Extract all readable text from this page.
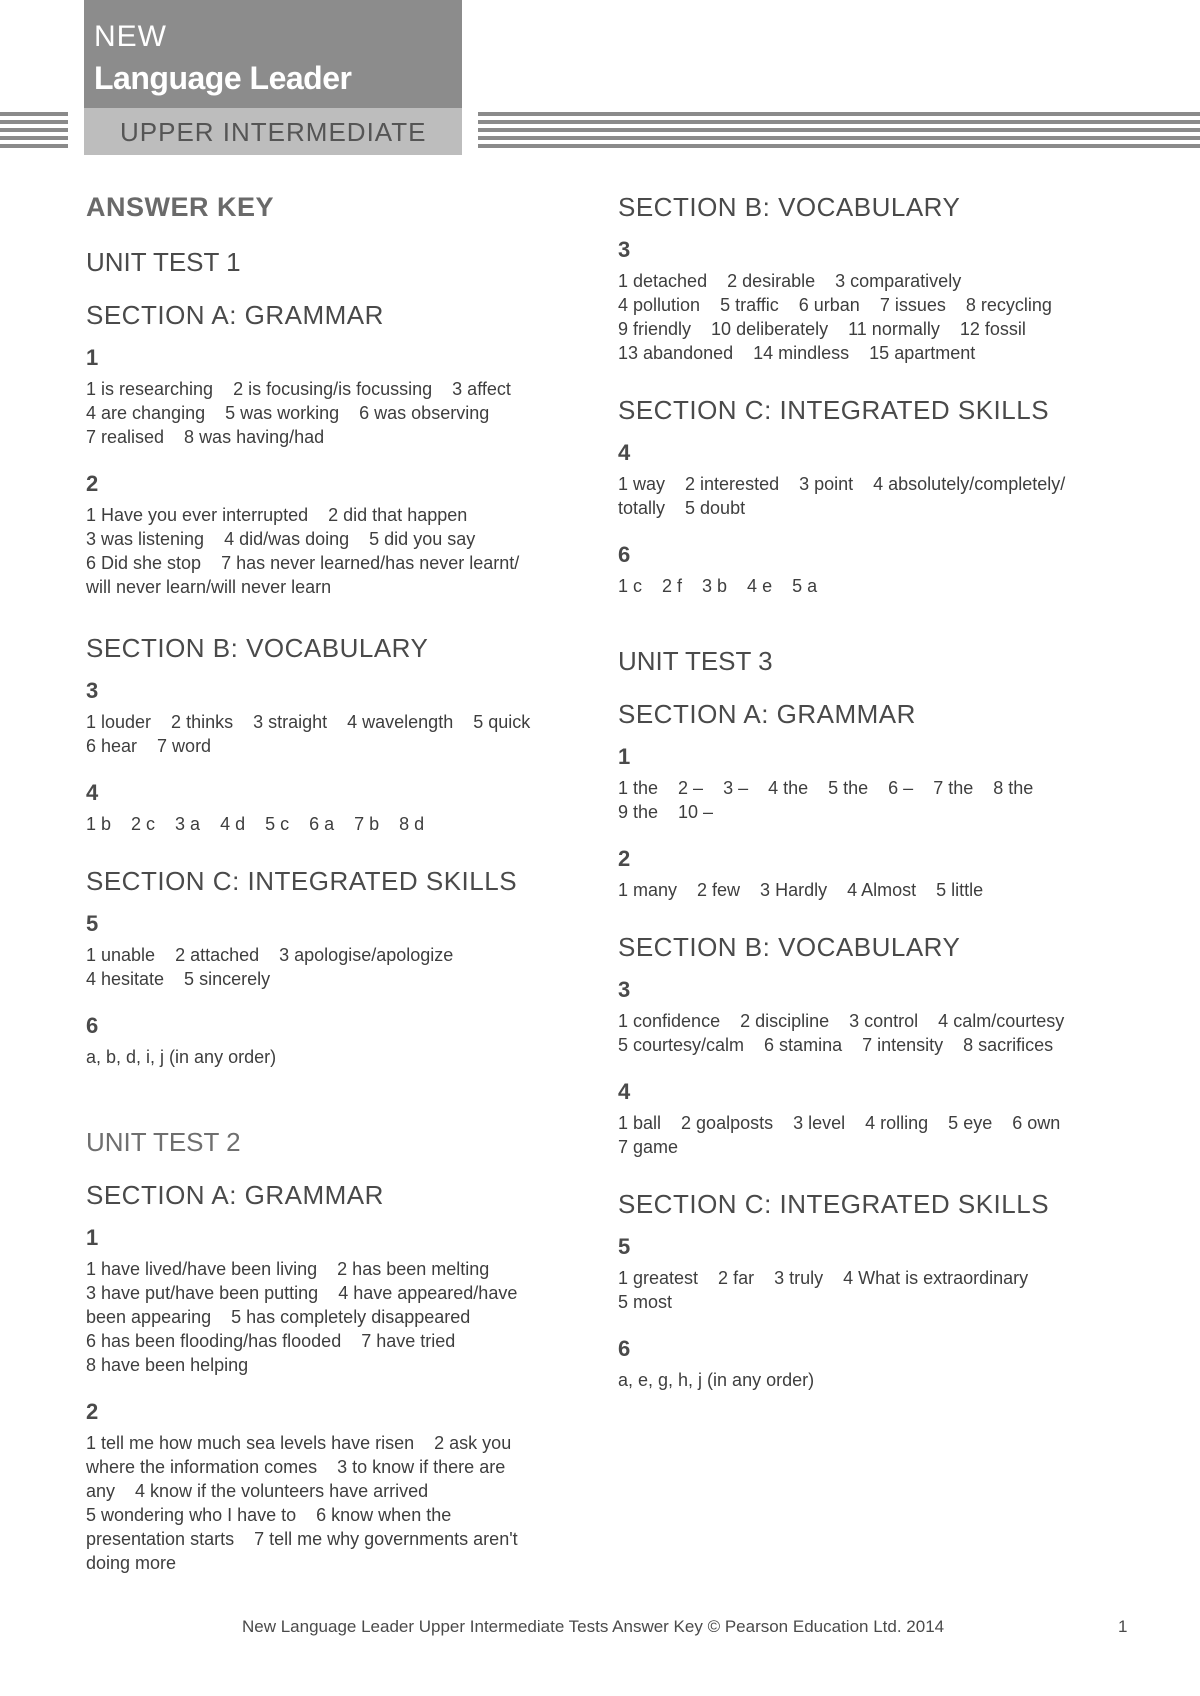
NEW
Language Leader
UPPER INTERMEDIATE
ANSWER KEY
UNIT TEST 1
SECTION A: GRAMMAR
1
1 is researching    2 is focusing/is focussing    3 affect
4 are changing    5 was working    6 was observing
7 realised    8 was having/had
2
1 Have you ever interrupted    2 did that happen
3 was listening    4 did/was doing    5 did you say
6 Did she stop    7 has never learned/has never learnt/
will never learn/will never learn
SECTION B: VOCABULARY
3
1 louder    2 thinks    3 straight    4 wavelength    5 quick
6 hear    7 word
4
1 b    2 c    3 a    4 d    5 c    6 a    7 b    8 d
SECTION C: INTEGRATED SKILLS
5
1 unable    2 attached    3 apologise/apologize
4 hesitate    5 sincerely
6
a, b, d, i, j (in any order)
UNIT TEST 2
SECTION A: GRAMMAR
1
1 have lived/have been living    2 has been melting
3 have put/have been putting    4 have appeared/have
been appearing    5 has completely disappeared
6 has been flooding/has flooded    7 have tried
8 have been helping
2
1 tell me how much sea levels have risen    2 ask you
where the information comes    3 to know if there are
any    4 know if the volunteers have arrived
5 wondering who I have to    6 know when the
presentation starts    7 tell me why governments aren't
doing more
SECTION B: VOCABULARY
3
1 detached    2 desirable    3 comparatively
4 pollution    5 traffic    6 urban    7 issues    8 recycling
9 friendly    10 deliberately    11 normally    12 fossil
13 abandoned    14 mindless    15 apartment
SECTION C: INTEGRATED SKILLS
4
1 way    2 interested    3 point    4 absolutely/completely/
totally    5 doubt
6
1 c    2 f    3 b    4 e    5 a
UNIT TEST 3
SECTION A: GRAMMAR
1
1 the    2 –    3 –    4 the    5 the    6 –    7 the    8 the
9 the    10 –
2
1 many    2 few    3 Hardly    4 Almost    5 little
SECTION B: VOCABULARY
3
1 confidence    2 discipline    3 control    4 calm/courtesy
5 courtesy/calm    6 stamina    7 intensity    8 sacrifices
4
1 ball    2 goalposts    3 level    4 rolling    5 eye    6 own
7 game
SECTION C: INTEGRATED SKILLS
5
1 greatest    2 far    3 truly    4 What is extraordinary
5 most
6
a, e, g, h, j (in any order)
New Language Leader Upper Intermediate Tests Answer Key © Pearson Education Ltd. 2014	1
